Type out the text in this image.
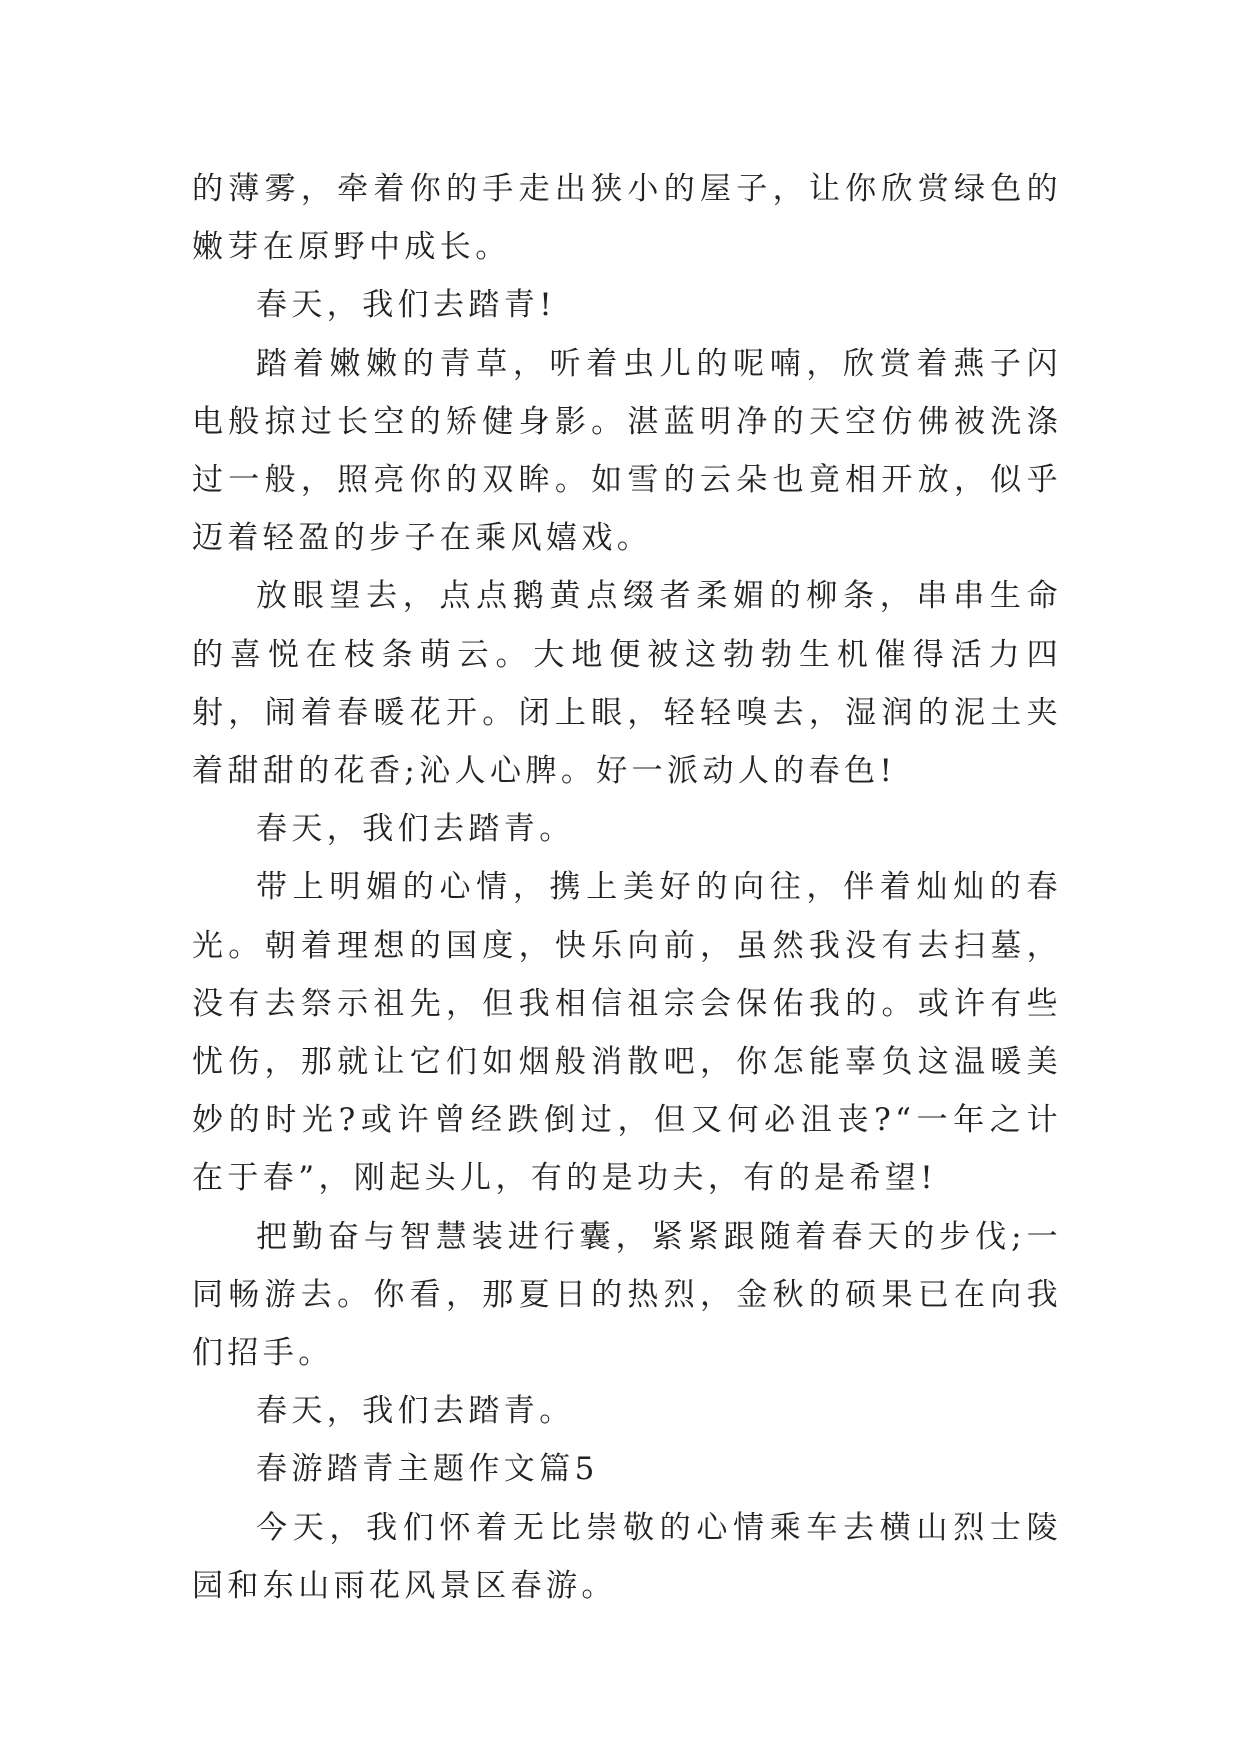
的薄雾，牵着你的手走出狭小的屋子，让你欣赏绿色的嫩芽在原野中成长。

春天，我们去踏青!

踏着嫩嫩的青草，听着虫儿的呢喃，欣赏着燕子闪电般掠过长空的矫健身影。湛蓝明净的天空仿佛被洗涤过一般，照亮你的双眸。如雪的云朵也竟相开放，似乎迈着轻盈的步子在乘风嬉戏。

放眼望去，点点鹅黄点缀者柔媚的柳条，串串生命的喜悦在枝条萌云。大地便被这勃勃生机催得活力四射，闹着春暖花开。闭上眼，轻轻嗅去，湿润的泥土夹着甜甜的花香;沁人心脾。好一派动人的春色!

春天，我们去踏青。

带上明媚的心情，携上美好的向往，伴着灿灿的春光。朝着理想的国度，快乐向前，虽然我没有去扫墓，没有去祭示祖先，但我相信祖宗会保佑我的。或许有些忧伤，那就让它们如烟般消散吧，你怎能辜负这温暖美妙的时光?或许曾经跌倒过，但又何必沮丧?“一年之计在于春”，刚起头儿，有的是功夫，有的是希望!

把勤奋与智慧装进行囊，紧紧跟随着春天的步伐;一同畅游去。你看，那夏日的热烈，金秋的硕果已在向我们招手。

春天，我们去踏青。

春游踏青主题作文篇5

今天，我们怀着无比崇敬的心情乘车去横山烈士陵园和东山雨花风景区春游。
